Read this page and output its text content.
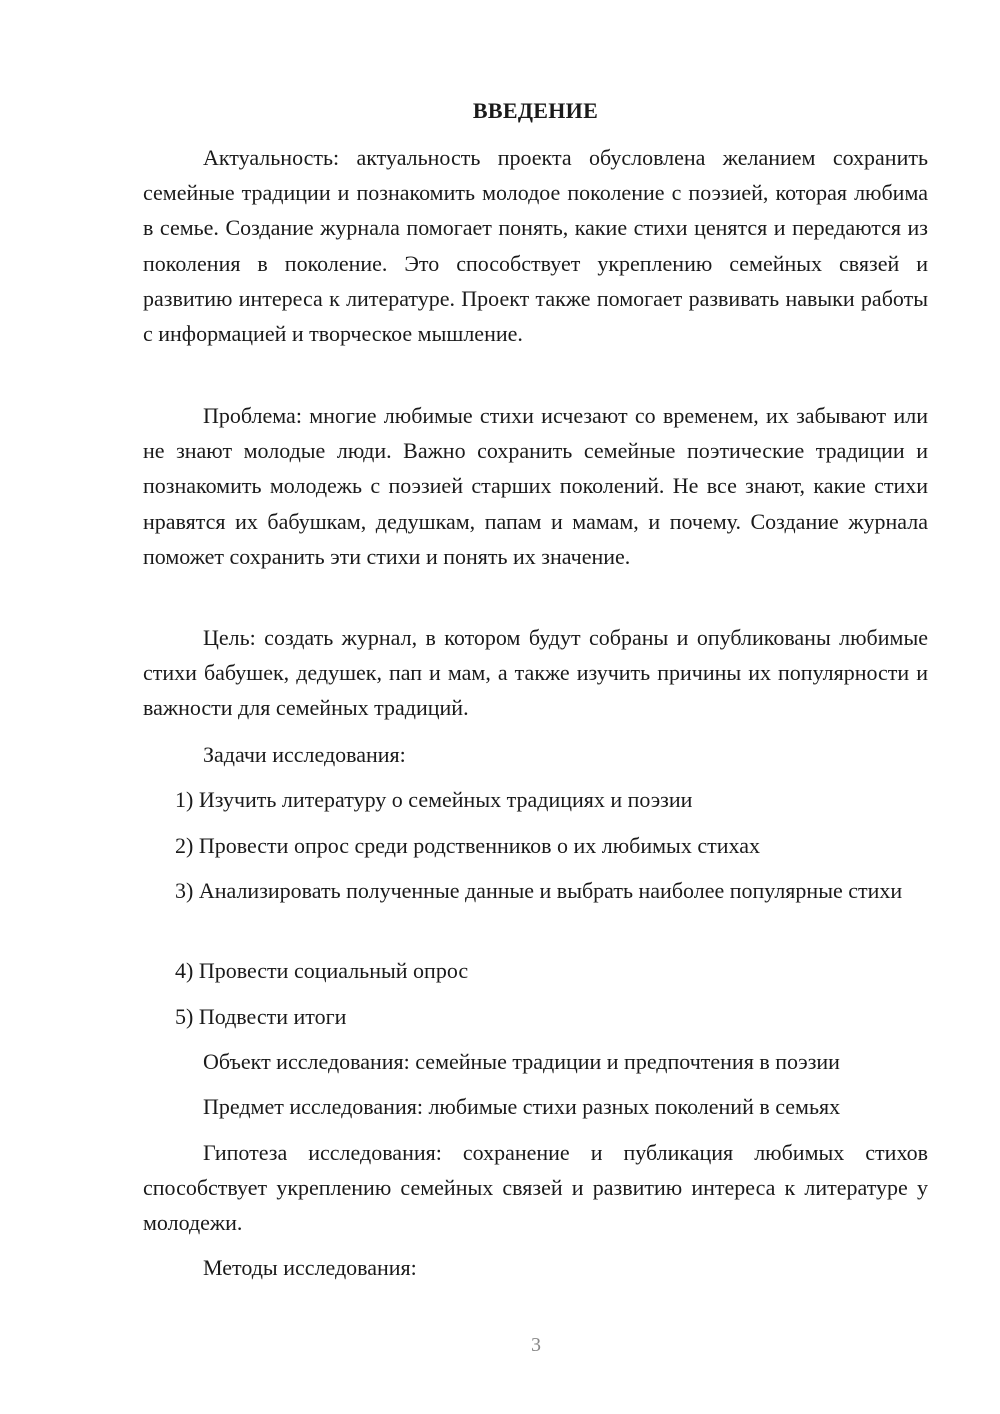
ВВЕДЕНИЕ

Актуальность: актуальность проекта обусловлена желанием сохранить семейные традиции и познакомить молодое поколение с поэзией, которая любима в семье. Создание журнала помогает понять, какие стихи ценятся и передаются из поколения в поколение. Это способствует укреплению семейных связей и развитию интереса к литературе. Проект также помогает развивать навыки работы с информацией и творческое мышление.

Проблема: многие любимые стихи исчезают со временем, их забывают или не знают молодые люди. Важно сохранить семейные поэтические традиции и познакомить молодежь с поэзией старших поколений. Не все знают, какие стихи нравятся их бабушкам, дедушкам, папам и мамам, и почему. Создание журнала поможет сохранить эти стихи и понять их значение.

Цель: создать журнал, в котором будут собраны и опубликованы любимые стихи бабушек, дедушек, пап и мам, а также изучить причины их популярности и важности для семейных традиций.

Задачи исследования:

1) Изучить литературу о семейных традициях и поэзии

2) Провести опрос среди родственников о их любимых стихах

3) Анализировать полученные данные и выбрать наиболее популярные стихи

4) Провести социальный опрос

5) Подвести итоги

Объект исследования: семейные традиции и предпочтения в поэзии

Предмет исследования: любимые стихи разных поколений в семьях

Гипотеза исследования: сохранение и публикация любимых стихов способствует укреплению семейных связей и развитию интереса к литературе у молодежи.

Методы исследования:

3
